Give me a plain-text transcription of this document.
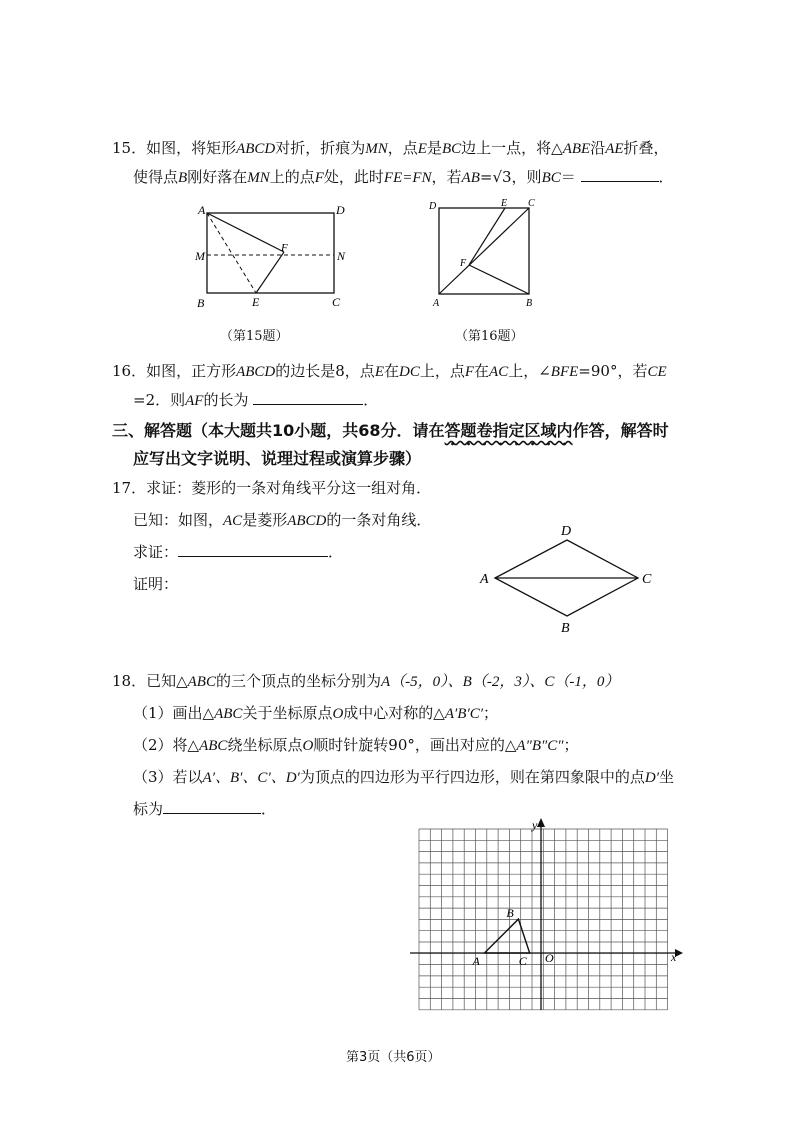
15．如图，将矩形ABCD对折，折痕为MN，点E是BC边上一点，将△ABE沿AE折叠，
使得点B刚好落在MN上的点F处，此时FE=FN，若AB=√3，则BC＝	．
A	D
M
F
N
B	E	C
（第15题）
D	E C
F
A	B
（第16题）
16．如图，正方形ABCD的边长是8，点E在DC上，点F在AC上，∠BFE=90°，若CE
=2．则AF的长为	．
三、解答题（本大题共10小题，共68分．请在答题卷指定区域内作答，解答时
应写出文字说明、说理过程或演算步骤）
17．求证：菱形的一条对角线平分这一组对角．
已知：如图，AC是菱形ABCD的一条对角线．
求证：	．
证明：
D
A	C
B
18．已知△ABC的三个顶点的坐标分别为A（-5，0）、B（-2，3）、C（-1，0）
（1）画出△ABC关于坐标原点O成中心对称的△A′B′C′；
（2）将△ABC绕坐标原点O顺时针旋转90°，画出对应的△A″B″C″；
（3）若以A′、B′、C′、D′为顶点的四边形为平行四边形，则在第四象限中的点D′坐
标为	．
y
x
A
B
C O
第3页（共6页）
